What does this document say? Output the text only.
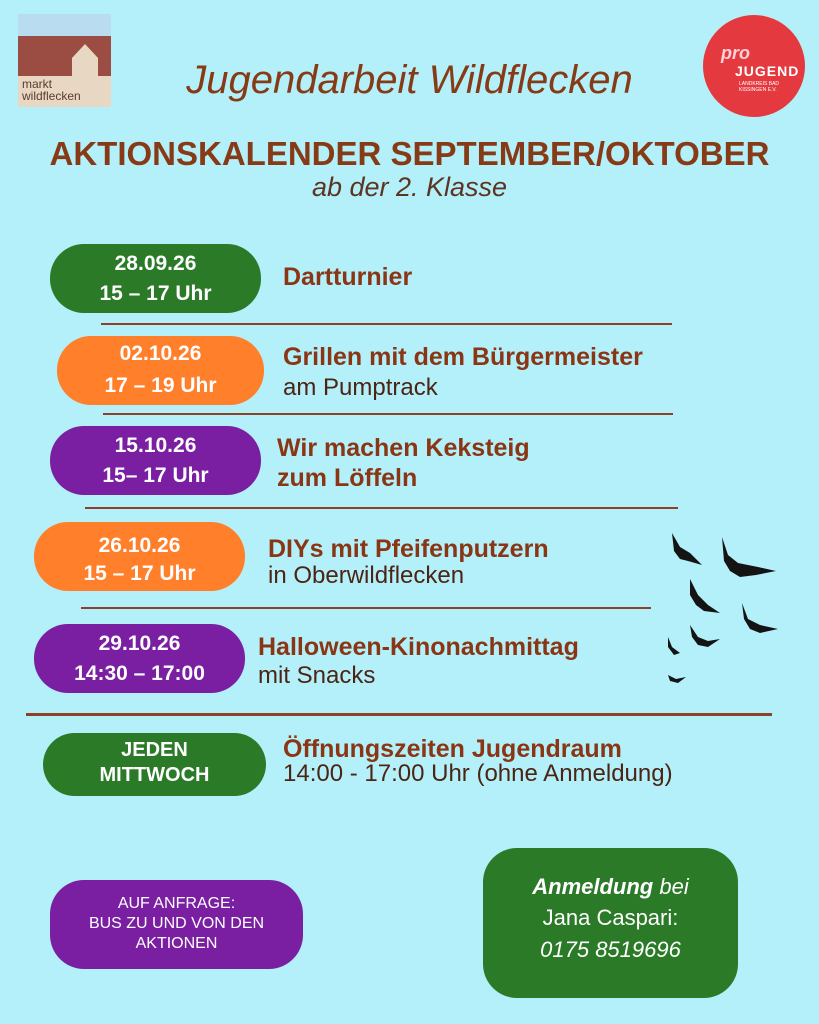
markt wildflecken
pro
JUGEND
LANDKREIS BAD KISSINGEN E.V.
Jugendarbeit Wildflecken
AKTIONSKALENDER SEPTEMBER/OKTOBER
ab der 2. Klasse
28.09.26
15 – 17 Uhr
Dartturnier
02.10.26
17 – 19 Uhr
Grillen mit dem Bürgermeister
am Pumptrack
15.10.26
15– 17 Uhr
Wir machen Keksteig
zum Löffeln
26.10.26
15 – 17 Uhr
DIYs mit Pfeifenputzern
in Oberwildflecken
29.10.26
14:30 – 17:00
Halloween-Kinonachmittag
mit Snacks
JEDEN
MITTWOCH
Öffnungszeiten Jugendraum
14:00 - 17:00 Uhr (ohne Anmeldung)
AUF ANFRAGE:
BUS ZU UND VON DEN
AKTIONEN
Anmeldung bei
Jana Caspari:
0175 8519696
